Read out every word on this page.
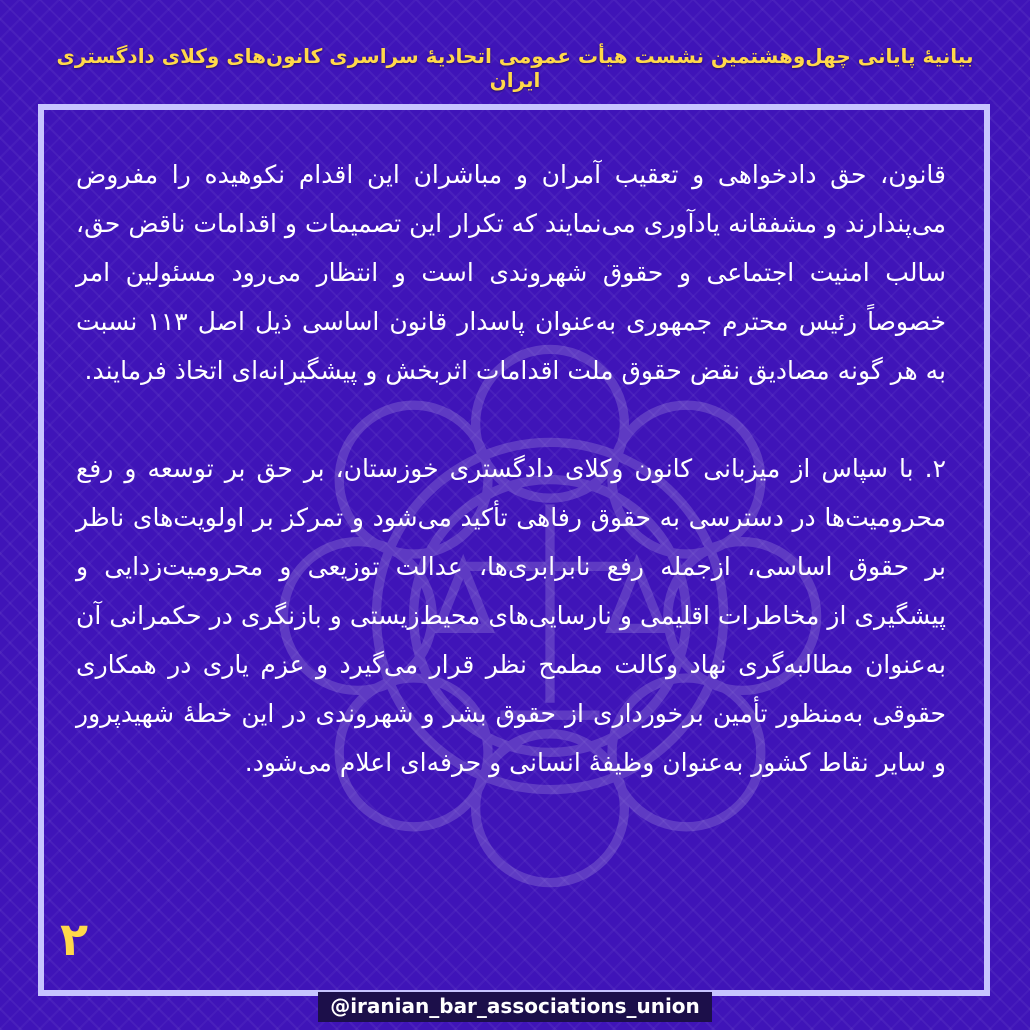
بیانیهٔ پایانی چهل‌وهشتمین نشست هیأت عمومی اتحادیهٔ سراسری کانون‌های وکلای دادگستری ایران

قانون، حق دادخواهی و تعقیب آمران و مباشران این اقدام نکوهیده را مفروض می‌پندارند و مشفقانه یادآوری می‌نمایند که تکرار این تصمیمات و اقدامات ناقض حق، سالب امنیت اجتماعی و حقوق شهروندی است و انتظار می‌رود مسئولین امر خصوصاً رئیس محترم جمهوری به‌عنوان پاسدار قانون اساسی ذیل اصل ۱۱۳ نسبت به هر گونه مصادیق نقض حقوق ملت اقدامات اثربخش و پیشگیرانه‌ای اتخاذ فرمایند.

۲. با سپاس از میزبانی کانون وکلای دادگستری خوزستان، بر حق بر توسعه و رفع محرومیت‌ها در دسترسی به حقوق رفاهی تأکید می‌شود و تمرکز بر اولویت‌های ناظر بر حقوق اساسی، ازجمله رفع نابرابری‌ها، عدالت توزیعی و محرومیت‌زدایی و پیشگیری از مخاطرات اقلیمی و نارسایی‌های محیط‌زیستی و بازنگری در حکمرانی آن به‌عنوان مطالبه‌گری نهاد وکالت مطمح نظر قرار می‌گیرد و عزم یاری در همکاری حقوقی به‌منظور تأمین برخورداری از حقوق بشر و شهروندی در این خطهٔ شهیدپرور و سایر نقاط کشور به‌عنوان وظیفهٔ انسانی و حرفه‌ای اعلام می‌شود.

۲
@iranian_bar_associations_union
